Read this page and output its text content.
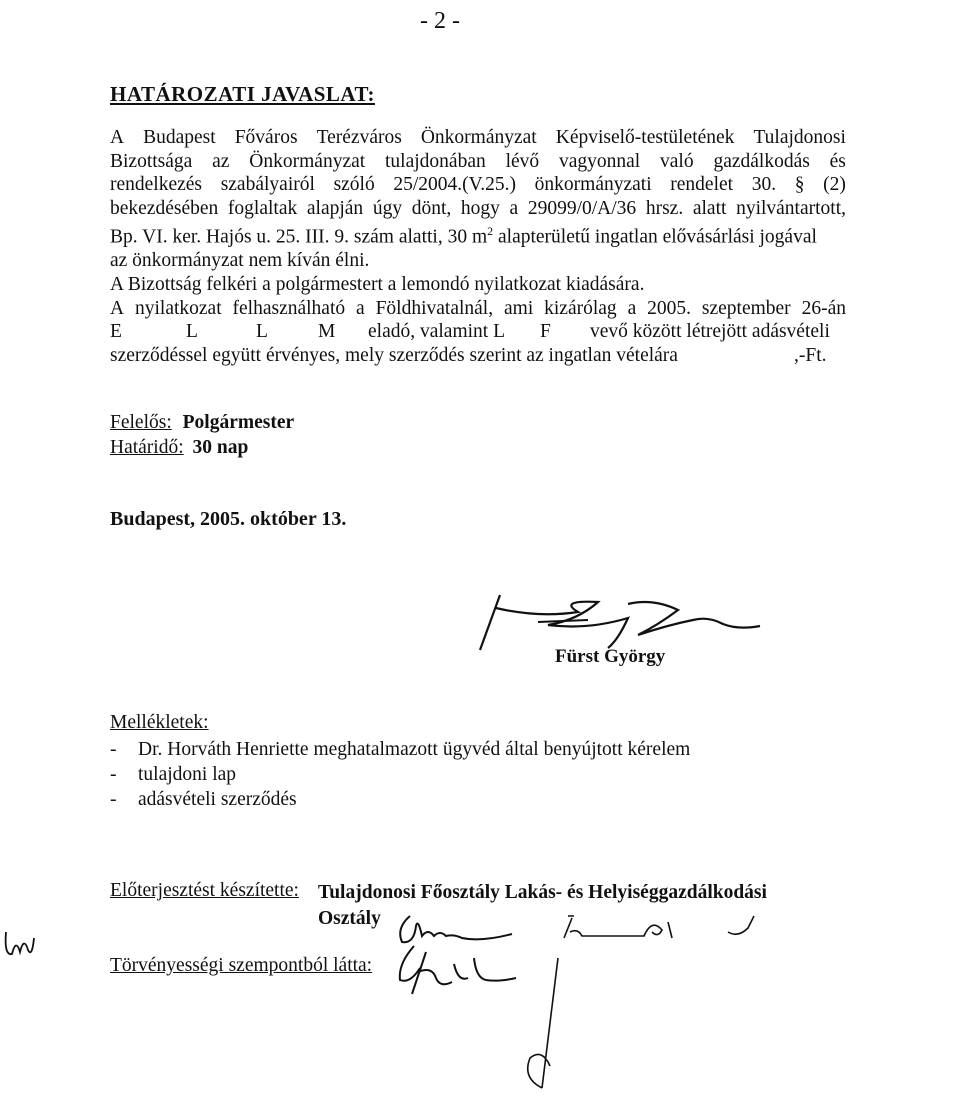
- 2 -
HATÁROZATI JAVASLAT:
A Budapest Főváros Terézváros Önkormányzat Képviselő-testületének Tulajdonosi
Bizottsága az Önkormányzat tulajdonában lévő vagyonnal való gazdálkodás és
rendelkezés szabályairól szóló 25/2004.(V.25.) önkormányzati rendelet 30. § (2)
bekezdésében foglaltak alapján úgy dönt, hogy a 29099/0/A/36 hrsz. alatt nyilvántartott,
Bp. VI. ker. Hajós u. 25. III. 9. szám alatti, 30 $m^2$ alapterületű ingatlan elővásárlási jogával
az önkormányzat nem kíván élni.
A Bizottság felkéri a polgármestert a lemondó nyilatkozat kiadására.
A nyilatkozat felhasználható a Földhivatalnál, ami kizárólag a 2005. szeptember 26-án
E	L	L	M eladó, valamint L F vevő között létrejött adásvételi
szerződéssel együtt érvényes, mely szerződés szerint az ingatlan vételára	,-Ft.
Felelős: Polgármester
Határidő: 30 nap
Budapest, 2005. október 13.
Fürst György
Mellékletek:
- Dr. Horváth Henriette meghatalmazott ügyvéd által benyújtott kérelem
- tulajdoni lap
- adásvételi szerződés
Előterjesztést készítette: Tulajdonosi Főosztály Lakás- és Helyiséggazdálkodási
Osztály
Törvényességi szempontból látta:
